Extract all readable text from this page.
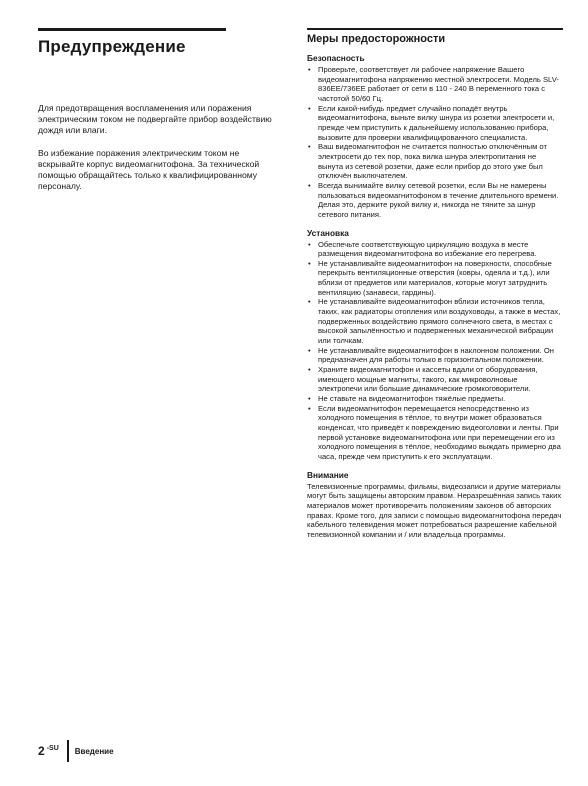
Предупреждение

Для предотвращения воспламенения или поражения электрическим током не подвергайте прибор воздействию дождя или влаги.

Во избежание поражения электрическим током не вскрывайте корпус видеомагнитофона. За технической помощью обращайтесь только к квалифицированному персоналу.

Меры предосторожности
Безопасность
• Проверьте, соответствует ли рабочее напряжение Вашего видеомагнитофона напряжению местной электросети. Модель SLV-836EE/736EE работает от сети в 110 - 240 В переменного тока с частотой 50/60 Гц.
• Если какой-нибудь предмет случайно попадёт внутрь видеомагнитофона, выньте вилку шнура из розетки электросети и, прежде чем приступить к дальнейшему использованию прибора, вызовите для проверки квалифицированного специалиста.
• Ваш видеомагнитофон не считается полностью отключённым от электросети до тех пор, пока вилка шнура электропитания не вынута из сетевой розетки, даже если прибор до этого уже был отключён выключателем.
• Всегда вынимайте вилку сетевой розетки, если Вы не намерены пользоваться видеомагнитофоном в течение длительного времени. Делая это, держите рукой вилку и, никогда не тяните за шнур сетевого питания.
Установка
• Обеспечьте соответствующую циркуляцию воздуха в месте размещения видеомагнитофона во избежание его перегрева.
• Не устанавливайте видеомагнитофон на поверхности, способные перекрыть вентиляционные отверстия (ковры, одеяла и т.д.), или вблизи от предметов или материалов, которые могут затруднить вентиляцию (занавеси, гардины).
• Не устанавливайте видеомагнитофон вблизи источников тепла, таких, как радиаторы отопления или воздуховоды, а также в местах, подверженных воздействию прямого солнечного света, в местах с высокой запылённостью и подверженных механической вибрации или толчкам.
• Не устанавливайте видеомагнитофон в наклонном положении. Он предназначен для работы только в горизонтальном положении.
• Храните видеомагнитофон и кассеты вдали от оборудования, имеющего мощные магниты, такого, как микроволновые электропечи или большие динамические громкоговорители.
• Не ставьте на видеомагнитофон тяжёлые предметы.
• Если видеомагнитофон перемещается непосредственно из холодного помещения в тёплое, то внутри может образоваться конденсат, что приведёт к повреждению видеоголовки и ленты. При первой установке видеомагнитофона или при перемещении его из холодного помещения в тёплое, необходимо выждать примерно два часа, прежде чем приступить к его эксплуатации.
Внимание

Телевизионные программы, фильмы, видеозаписи и другие материалы могут быть защищены авторским правом. Неразрешённая запись таких материалов может противоречить положениям законов об авторских правах. Кроме того, для записи с помощью видеомагнитофона передач кабельного телевидения может потребоваться разрешение кабельной телевизионной компании и / или владельца программы.

2 -SU Введение
